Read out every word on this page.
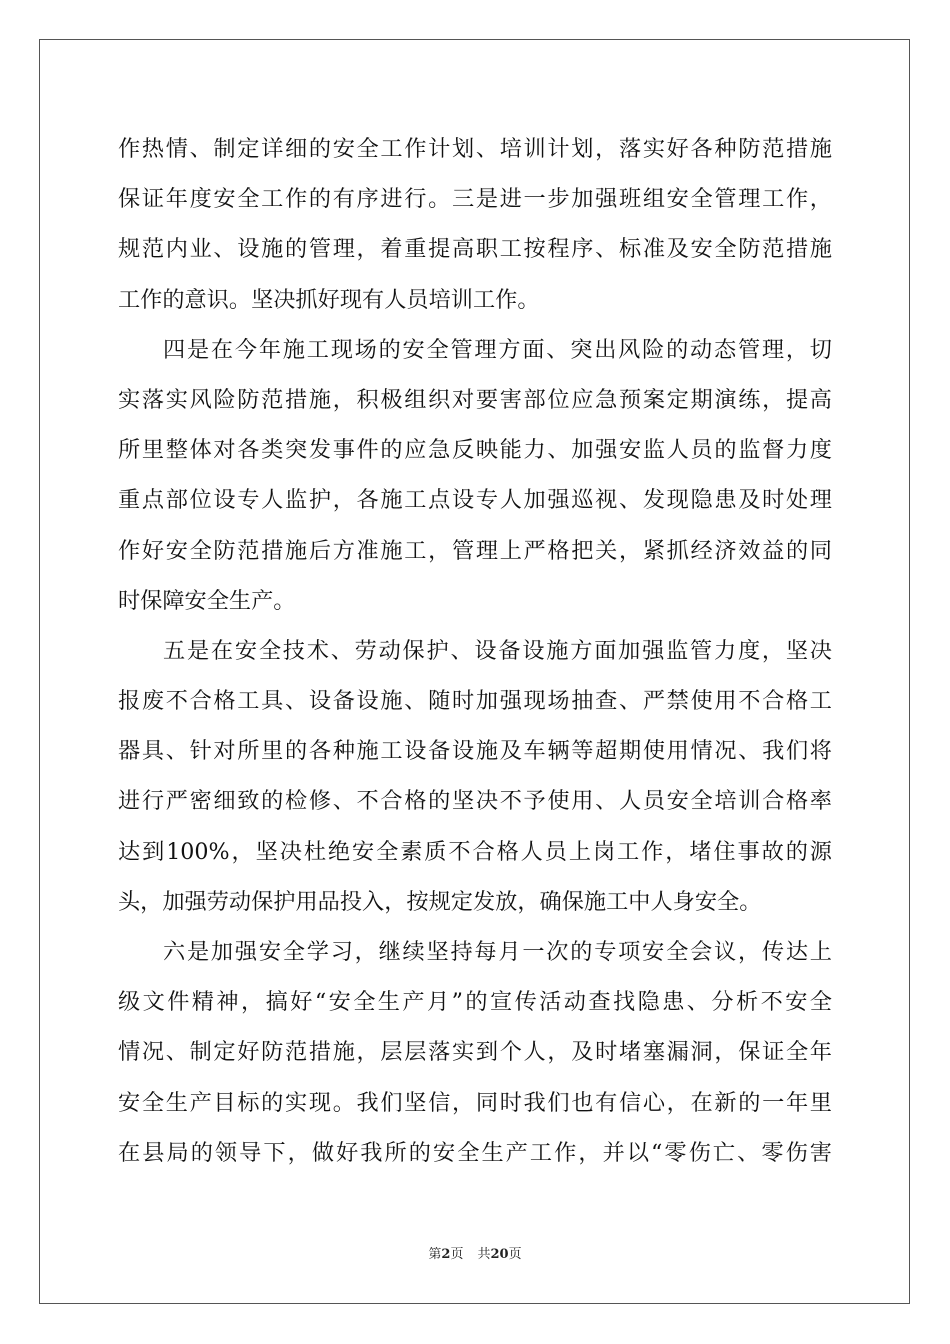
作热情、制定详细的安全工作计划、培训计划，落实好各种防范措施
保证年度安全工作的有序进行。三是进一步加强班组安全管理工作，
规范内业、设施的管理，着重提高职工按程序、标准及安全防范措施
工作的意识。坚决抓好现有人员培训工作。
四是在今年施工现场的安全管理方面、突出风险的动态管理，切
实落实风险防范措施，积极组织对要害部位应急预案定期演练，提高
所里整体对各类突发事件的应急反映能力、加强安监人员的监督力度
重点部位设专人监护，各施工点设专人加强巡视、发现隐患及时处理
作好安全防范措施后方准施工，管理上严格把关，紧抓经济效益的同
时保障安全生产。
五是在安全技术、劳动保护、设备设施方面加强监管力度，坚决
报废不合格工具、设备设施、随时加强现场抽查、严禁使用不合格工
器具、针对所里的各种施工设备设施及车辆等超期使用情况、我们将
进行严密细致的检修、不合格的坚决不予使用、人员安全培训合格率
达到100%，坚决杜绝安全素质不合格人员上岗工作，堵住事故的源
头，加强劳动保护用品投入，按规定发放，确保施工中人身安全。
六是加强安全学习，继续坚持每月一次的专项安全会议，传达上
级文件精神，搞好“安全生产月”的宣传活动查找隐患、分析不安全
情况、制定好防范措施，层层落实到个人，及时堵塞漏洞，保证全年
安全生产目标的实现。我们坚信，同时我们也有信心，在新的一年里
在县局的领导下，做好我所的安全生产工作，并以“零伤亡、零伤害
第2页 共20页
